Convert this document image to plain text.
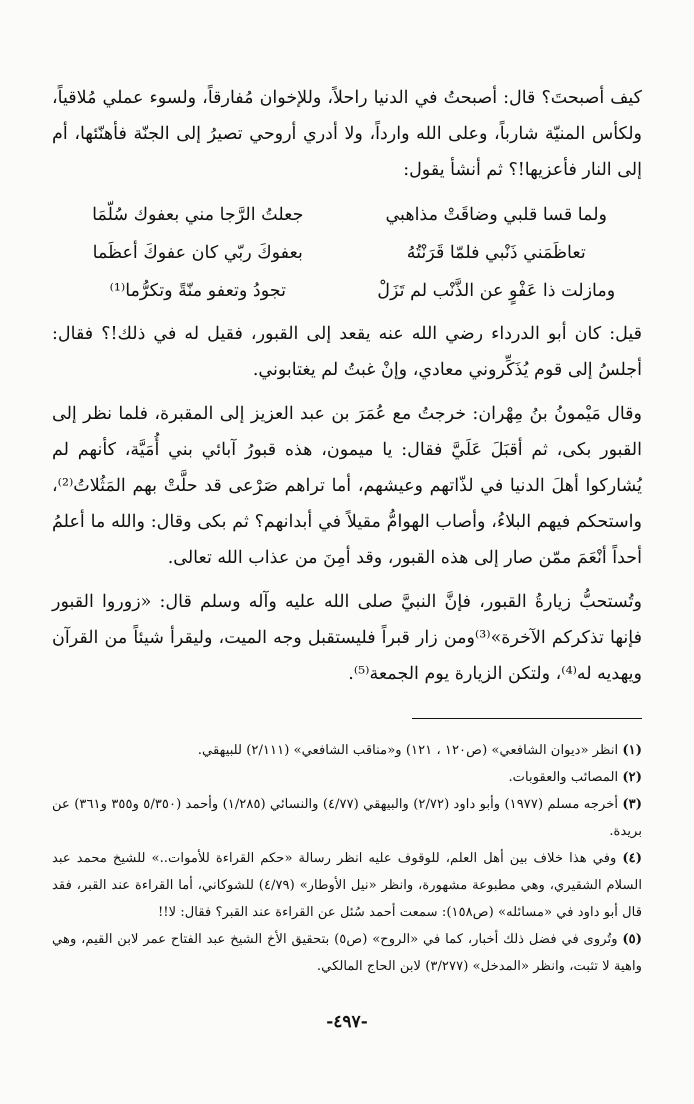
كيف أصبحتَ؟ قال: أصبحتُ في الدنيا راحلاً، وللإخوان مُفارقاً، ولسوء عملي مُلاقياً، ولكأس المنيّة شارباً، وعلى الله وارداً، ولا أدري أروحي تصيرُ إلى الجنّة فأهنّئها، أم إلى النار فأعزيها!؟ ثم أنشأ يقول:

ولما قسا قلبي وضاقَتْ مذاهبي
جعلتُ الرَّجا مني بعفوك سُلّمَا
تعاظَمَني ذَنْبي فلمّا قَرَنْتُهُ
بعفوكَ ربّي كان عفوكَ أعظَما
ومازلت ذا عَفْوٍ عن الذَّنْب لم تَزَلْ
تجودُ وتعفو منّةً وتكرُّما⁽¹⁾

قيل: كان أبو الدرداء رضي الله عنه يقعد إلى القبور، فقيل له في ذلك!؟ فقال: أجلسُ إلى قوم يُذَكِّروني معادي، وإنْ غبتُ لم يغتابوني.

وقال مَيْمونُ بنُ مِهْران: خرجتُ مع عُمَرَ بن عبد العزيز إلى المقبرة، فلما نظر إلى القبور بكى، ثم أقبَلَ عَلَيَّ فقال: يا ميمون، هذه قبورُ آبائي بني أُمَيَّة، كأنهم لم يُشاركوا أهلَ الدنيا في لذّاتهم وعيشهم، أما تراهم صَرْعى قد حلَّتْ بهم المَثُلاتُ⁽²⁾، واستحكم فيهم البلاءُ، وأصاب الهوامُّ مقيلاً في أبدانهم؟ ثم بكى وقال: والله ما أعلمُ أحداً أنْعَمَ ممّن صار إلى هذه القبور، وقد أمِنَ من عذاب الله تعالى.

وتُستحبُّ زيارةُ القبور، فإنَّ النبيَّ صلى الله عليه وآله وسلم قال: «زوروا القبور فإنها تذكركم الآخرة»⁽³⁾ومن زار قبراً فليستقبل وجه الميت، وليقرأ شيئاً من القرآن ويهديه له⁽⁴⁾، ولتكن الزيارة يوم الجمعة⁽⁵⁾.

(١) انظر «ديوان الشافعي» (ص١٢٠ ، ١٢١) و«مناقب الشافعي» (٢/١١١) للبيهقي.

(٢) المصائب والعقوبات.

(٣) أخرجه مسلم (١٩٧٧) وأبو داود (٢/٧٢) والبيهقي (٤/٧٧) والنسائي (١/٢٨٥) وأحمد (٥/٣٥٠ و٣٥٥ و٣٦١) عن بريدة.

(٤) وفي هذا خلاف بين أهل العلم، للوقوف عليه انظر رسالة «حكم القراءة للأموات..» للشيخ محمد عبد السلام الشقيري، وهي مطبوعة مشهورة، وانظر «نيل الأوطار» (٤/٧٩) للشوكاني، أما القراءة عند القبر، فقد قال أبو داود في «مسائله» (ص١٥٨): سمعت أحمد سُئل عن القراءة عند القبر؟ فقال: لا!!

(٥) وتُروى في فضل ذلك أخبار، كما في «الروح» (ص٥) بتحقيق الأخ الشيخ عبد الفتاح عمر لابن القيم، وهي واهية لا تثبت، وانظر «المدخل» (٣/٢٧٧) لابن الحاج المالكي.

-٤٩٧-
